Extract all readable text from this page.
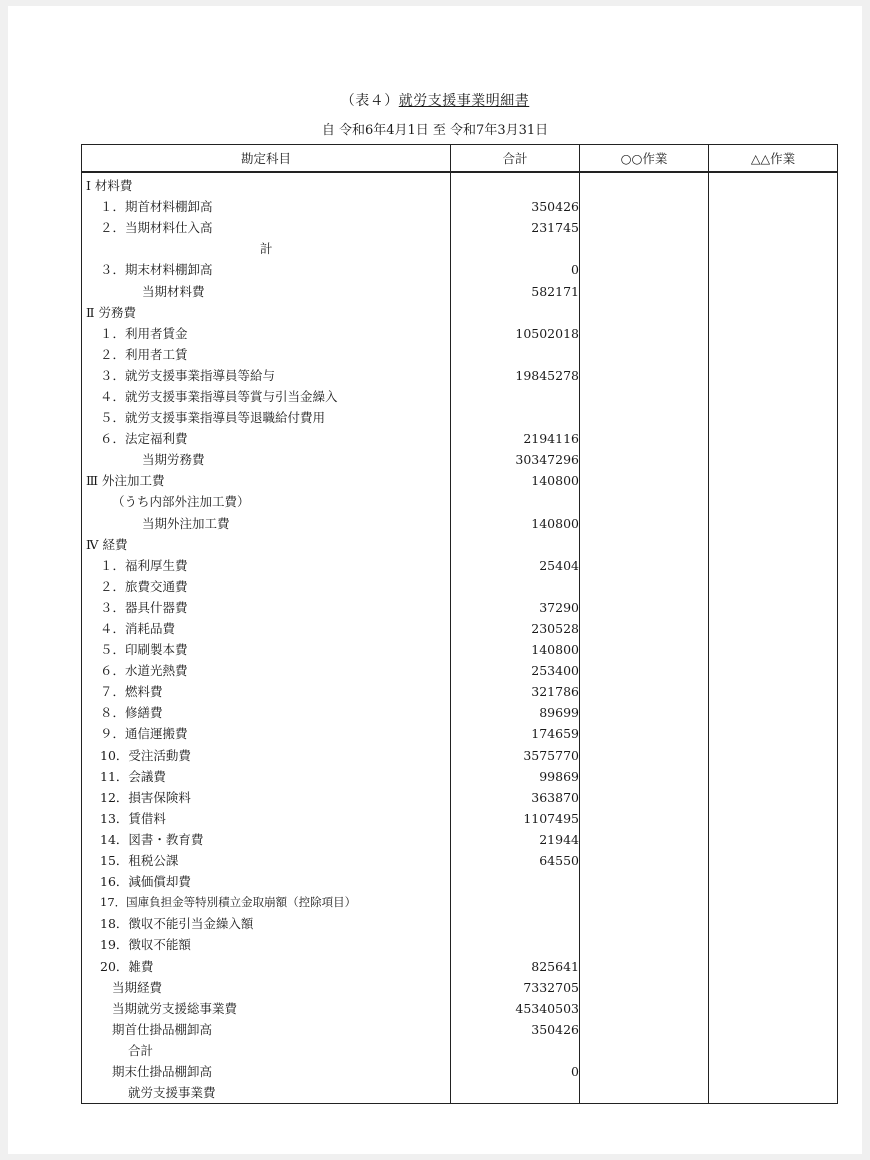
（表４）就労支援事業明細書
自 令和6年4月1日 至 令和7年3月31日
勘定科目	合計	○○作業	△△作業
Ⅰ 材料費			
１．期首材料棚卸高	350426		
２．当期材料仕入高	231745		
計			
３．期末材料棚卸高	0		
当期材料費	582171		
Ⅱ 労務費			
１．利用者賃金	10502018		
２．利用者工賃			
３．就労支援事業指導員等給与	19845278		
４．就労支援事業指導員等賞与引当金繰入			
５．就労支援事業指導員等退職給付費用			
６．法定福利費	2194116		
当期労務費	30347296		
Ⅲ 外注加工費	140800		
（うち内部外注加工費）			
当期外注加工費	140800		
Ⅳ 経費			
１．福利厚生費	25404		
２．旅費交通費			
３．器具什器費	37290		
４．消耗品費	230528		
５．印刷製本費	140800		
６．水道光熱費	253400		
７．燃料費	321786		
８．修繕費	89699		
９．通信運搬費	174659		
10．受注活動費	3575770		
11．会議費	99869		
12．損害保険料	363870		
13．賃借料	1107495		
14．図書・教育費	21944		
15．租税公課	64550		
16．減価償却費			
17．国庫負担金等特別積立金取崩額（控除項目）			
18．徴収不能引当金繰入額			
19．徴収不能額			
20．雑費	825641		
当期経費	7332705		
当期就労支援総事業費	45340503		
期首仕掛品棚卸高	350426		
合計			
期末仕掛品棚卸高	0		
就労支援事業費			
